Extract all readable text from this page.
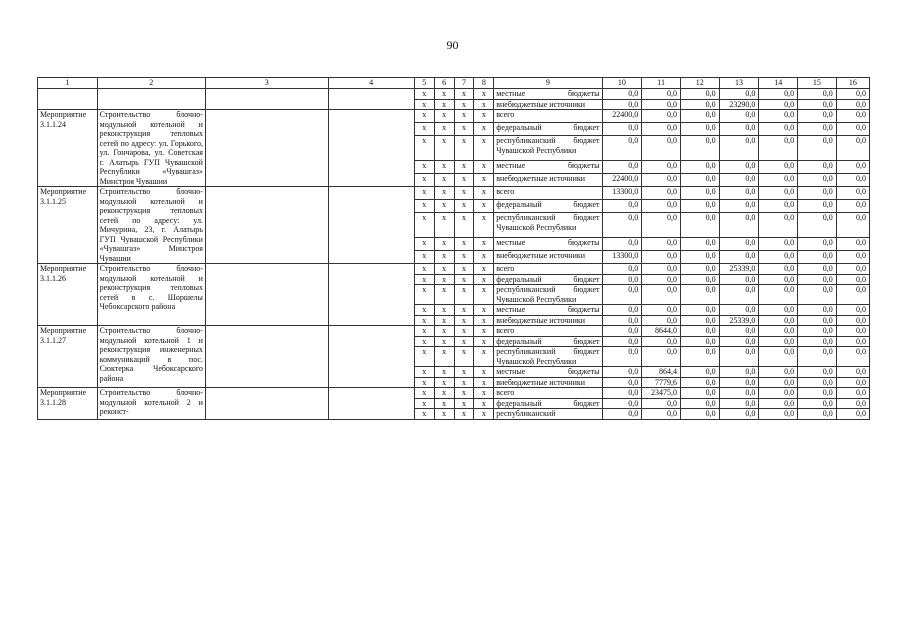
90
1	2	3	4	5	6	7	8	9	10	11	12	13	14	15	16
				x	x	x	x	местные бюджеты	0,0	0,0	0,0	0,0	0,0	0,0	0,0
				x	x	x	x	внебюджетные источники	0,0	0,0	0,0	23290,0	0,0	0,0	0,0
Мероприятие 3.1.1.24	Строительство блочно-модульной котельной и реконструкция тепловых сетей по адресу: ул. Горького, ул. Гончарова, ул. Советская г. Алатырь ГУП Чувашской Республики «Чувашгаз» Минстроя Чувашии			x	x	x	x	всего	22400,0	0,0	0,0	0,0	0,0	0,0	0,0
				x	x	x	x	федеральный бюджет	0,0	0,0	0,0	0,0	0,0	0,0	0,0
				x	x	x	x	республиканский бюджет Чувашской Республики	0,0	0,0	0,0	0,0	0,0	0,0	0,0
				x	x	x	x	местные бюджеты	0,0	0,0	0,0	0,0	0,0	0,0	0,0
				x	x	x	x	внебюджетные источники	22400,0	0,0	0,0	0,0	0,0	0,0	0,0
Мероприятие 3.1.1.25	Строительство блочно-модульной котельной и реконструкция тепловых сетей по адресу: ул. Мичурина, 23, г. Алатырь ГУП Чувашской Республики «Чувашгаз» Минстроя Чувашии			x	x	x	x	всего	13300,0	0,0	0,0	0,0	0,0	0,0	0,0
				x	x	x	x	федеральный бюджет	0,0	0,0	0,0	0,0	0,0	0,0	0,0
				x	x	x	x	республиканский бюджет Чувашской Республики	0,0	0,0	0,0	0,0	0,0	0,0	0,0
				x	x	x	x	местные бюджеты	0,0	0,0	0,0	0,0	0,0	0,0	0,0
				x	x	x	x	внебюджетные источники	13300,0	0,0	0,0	0,0	0,0	0,0	0,0
Мероприятие 3.1.1.26	Строительство блочно-модульной котельной и реконструкция тепловых сетей в с. Шоршелы Чебоксарского района			x	x	x	x	всего	0,0	0,0	0,0	25339,0	0,0	0,0	0,0
				x	x	x	x	федеральный бюджет	0,0	0,0	0,0	0,0	0,0	0,0	0,0
				x	x	x	x	республиканский бюджет Чувашской Республики	0,0	0,0	0,0	0,0	0,0	0,0	0,0
				x	x	x	x	местные бюджеты	0,0	0,0	0,0	0,0	0,0	0,0	0,0
				x	x	x	x	внебюджетные источники	0,0	0,0	0,0	25339,0	0,0	0,0	0,0
Мероприятие 3.1.1.27	Строительство блочно-модульной котельной 1 и реконструкция инженерных коммуникаций в пос. Сюктерка Чебоксарского района			x	x	x	x	всего	0,0	8644,0	0,0	0,0	0,0	0,0	0,0
				x	x	x	x	федеральный бюджет	0,0	0,0	0,0	0,0	0,0	0,0	0,0
				x	x	x	x	республиканский бюджет Чувашской Республики	0,0	0,0	0,0	0,0	0,0	0,0	0,0
				x	x	x	x	местные бюджеты	0,0	864,4	0,0	0,0	0,0	0,0	0,0
				x	x	x	x	внебюджетные источники	0,0	7779,6	0,0	0,0	0,0	0,0	0,0
Мероприятие 3.1.1.28	Строительство блочно-модульной котельной 2 и реконст-			x	x	x	x	всего	0,0	23475,0	0,0	0,0	0,0	0,0	0,0
				x	x	x	x	федеральный бюджет	0,0	0,0	0,0	0,0	0,0	0,0	0,0
				x	x	x	x	республиканский	0,0	0,0	0,0	0,0	0,0	0,0	0,0
